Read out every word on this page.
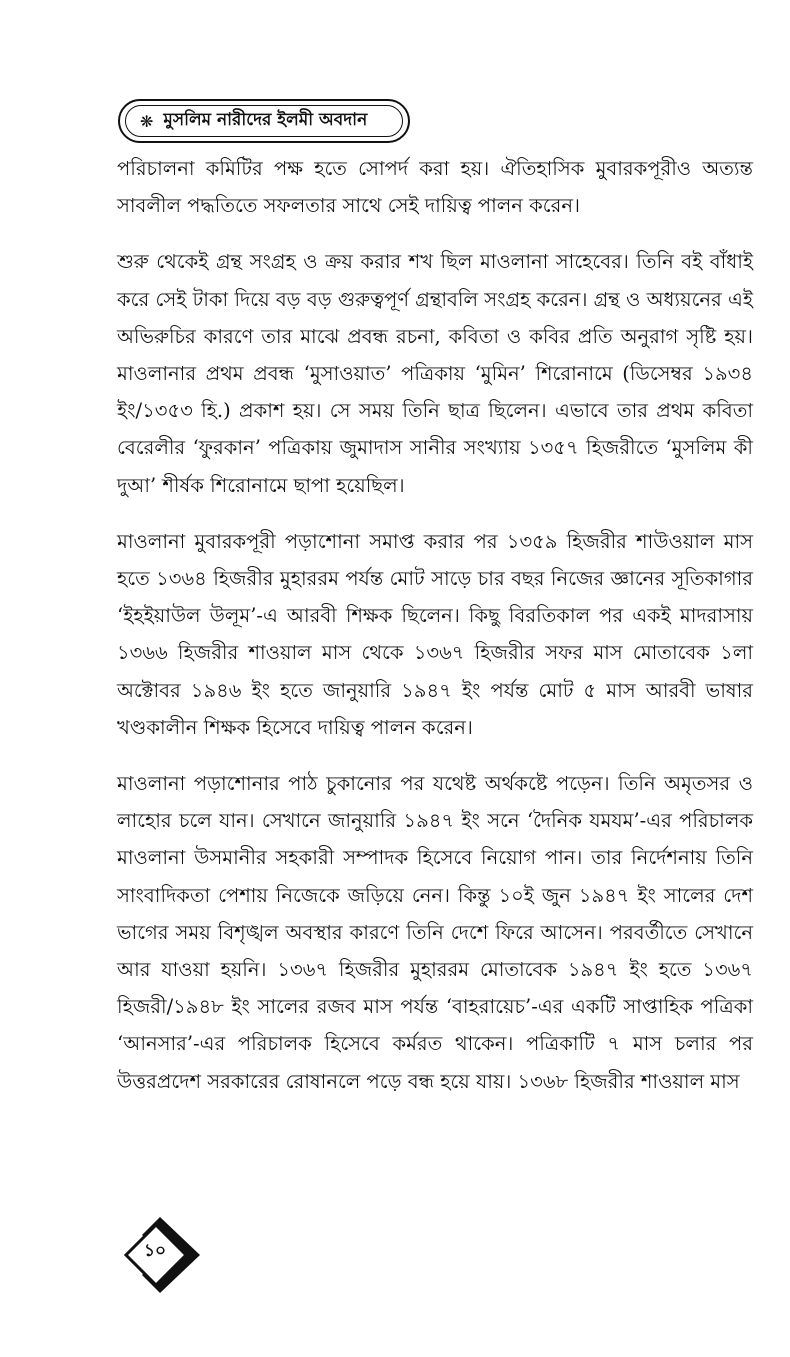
❋ মুসলিম নারীদের ইলমী অবদান

পরিচালনা কমিটির পক্ষ হতে সোপর্দ করা হয়। ঐতিহাসিক মুবারকপূরীও অত্যন্ত সাবলীল পদ্ধতিতে সফলতার সাথে সেই দায়িত্ব পালন করেন।

শুরু থেকেই গ্রন্থ সংগ্রহ ও ক্রয় করার শখ ছিল মাওলানা সাহেবের। তিনি বই বাঁধাই করে সেই টাকা দিয়ে বড় বড় গুরুত্বপূর্ণ গ্রন্থাবলি সংগ্রহ করেন। গ্রন্থ ও অধ্যয়নের এই অভিরুচির কারণে তার মাঝে প্রবন্ধ রচনা, কবিতা ও কবির প্রতি অনুরাগ সৃষ্টি হয়। মাওলানার প্রথম প্রবন্ধ ‘মুসাওয়াত’ পত্রিকায় ‘মুমিন’ শিরোনামে (ডিসেম্বর ১৯৩৪ ইং/১৩৫৩ হি.) প্রকাশ হয়। সে সময় তিনি ছাত্র ছিলেন। এভাবে তার প্রথম কবিতা বেরেলীর ‘ফুরকান’ পত্রিকায় জুমাদাস সানীর সংখ্যায় ১৩৫৭ হিজরীতে ‘মুসলিম কী দুআ’ শীর্ষক শিরোনামে ছাপা হয়েছিল।

মাওলানা মুবারকপূরী পড়াশোনা সমাপ্ত করার পর ১৩৫৯ হিজরীর শাউওয়াল মাস হতে ১৩৬৪ হিজরীর মুহাররম পর্যন্ত মোট সাড়ে চার বছর নিজের জ্ঞানের সূতিকাগার ‘ইহইয়াউল উলূম’-এ আরবী শিক্ষক ছিলেন। কিছু বিরতিকাল পর একই মাদরাসায় ১৩৬৬ হিজরীর শাওয়াল মাস থেকে ১৩৬৭ হিজরীর সফর মাস মোতাবেক ১লা অক্টোবর ১৯৪৬ ইং হতে জানুয়ারি ১৯৪৭ ইং পর্যন্ত মোট ৫ মাস আরবী ভাষার খণ্ডকালীন শিক্ষক হিসেবে দায়িত্ব পালন করেন।

মাওলানা পড়াশোনার পাঠ চুকানোর পর যথেষ্ট অর্থকষ্টে পড়েন। তিনি অমৃতসর ও লাহোর চলে যান। সেখানে জানুয়ারি ১৯৪৭ ইং সনে ‘দৈনিক যমযম’-এর পরিচালক মাওলানা উসমানীর সহকারী সম্পাদক হিসেবে নিয়োগ পান। তার নির্দেশনায় তিনি সাংবাদিকতা পেশায় নিজেকে জড়িয়ে নেন। কিন্তু ১০ই জুন ১৯৪৭ ইং সালের দেশ ভাগের সময় বিশৃঙ্খল অবস্থার কারণে তিনি দেশে ফিরে আসেন। পরবর্তীতে সেখানে আর যাওয়া হয়নি। ১৩৬৭ হিজরীর মুহাররম মোতাবেক ১৯৪৭ ইং হতে ১৩৬৭ হিজরী/১৯৪৮ ইং সালের রজব মাস পর্যন্ত ‘বাহরায়েচ’-এর একটি সাপ্তাহিক পত্রিকা ‘আনসার’-এর পরিচালক হিসেবে কর্মরত থাকেন। পত্রিকাটি ৭ মাস চলার পর উত্তরপ্রদেশ সরকারের রোষানলে পড়ে বন্ধ হয়ে যায়। ১৩৬৮ হিজরীর শাওয়াল মাস

১০
